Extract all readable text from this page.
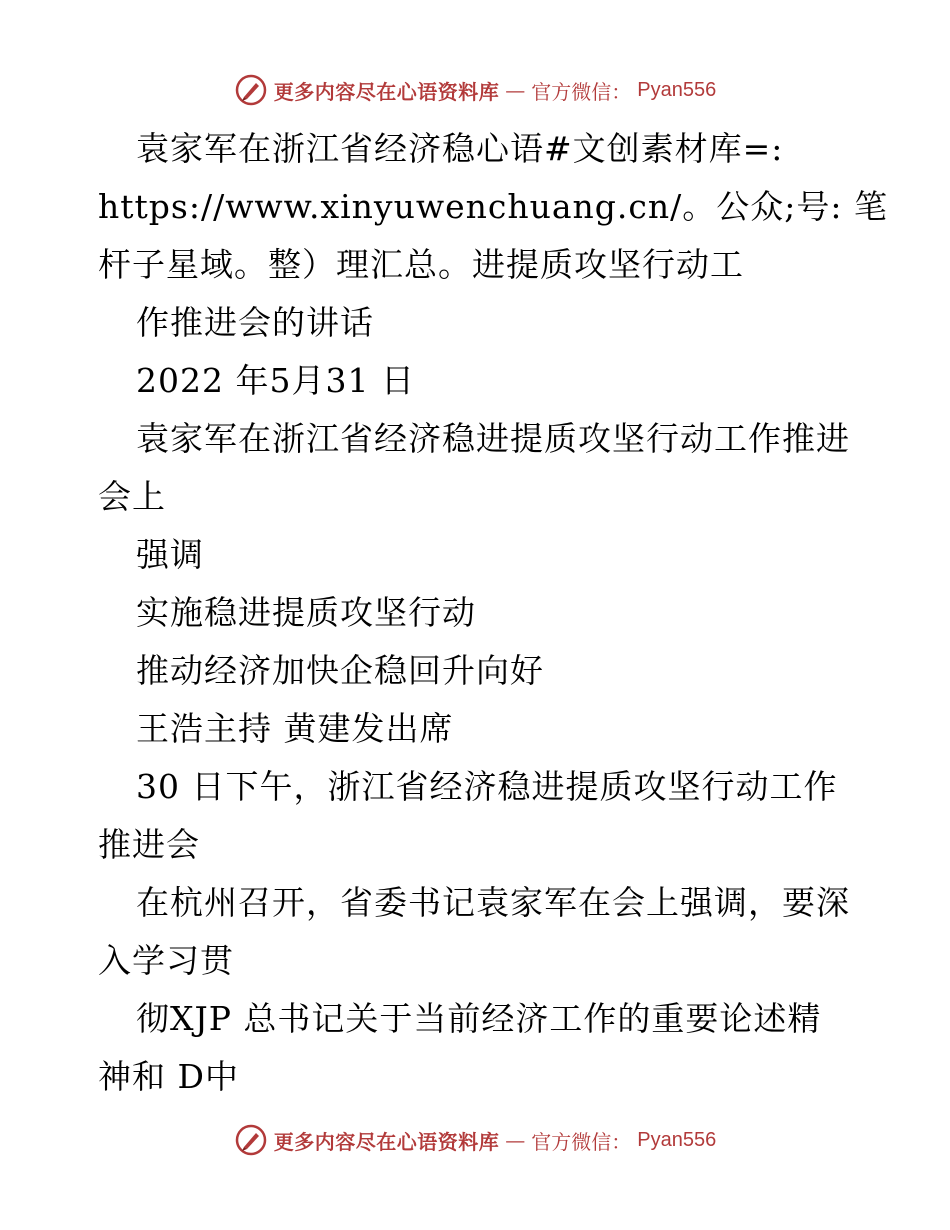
更多内容尽在心语资料库 — 官方微信： Pyan556
袁家军在浙江省经济稳心语#文创素材库=:
https://www.xinyuwenchuang.cn/。公众;号: 笔
杆子星域。整）理汇总。进提质攻坚行动工
作推进会的讲话
2022 年5月31 日
袁家军在浙江省经济稳进提质攻坚行动工作推进
会上
强调
实施稳进提质攻坚行动
推动经济加快企稳回升向好
王浩主持 黄建发出席
30 日下午，浙江省经济稳进提质攻坚行动工作
推进会
在杭州召开，省委书记袁家军在会上强调，要深
入学习贯
彻XJP 总书记关于当前经济工作的重要论述精
神和 D中
更多内容尽在心语资料库 — 官方微信： Pyan556
